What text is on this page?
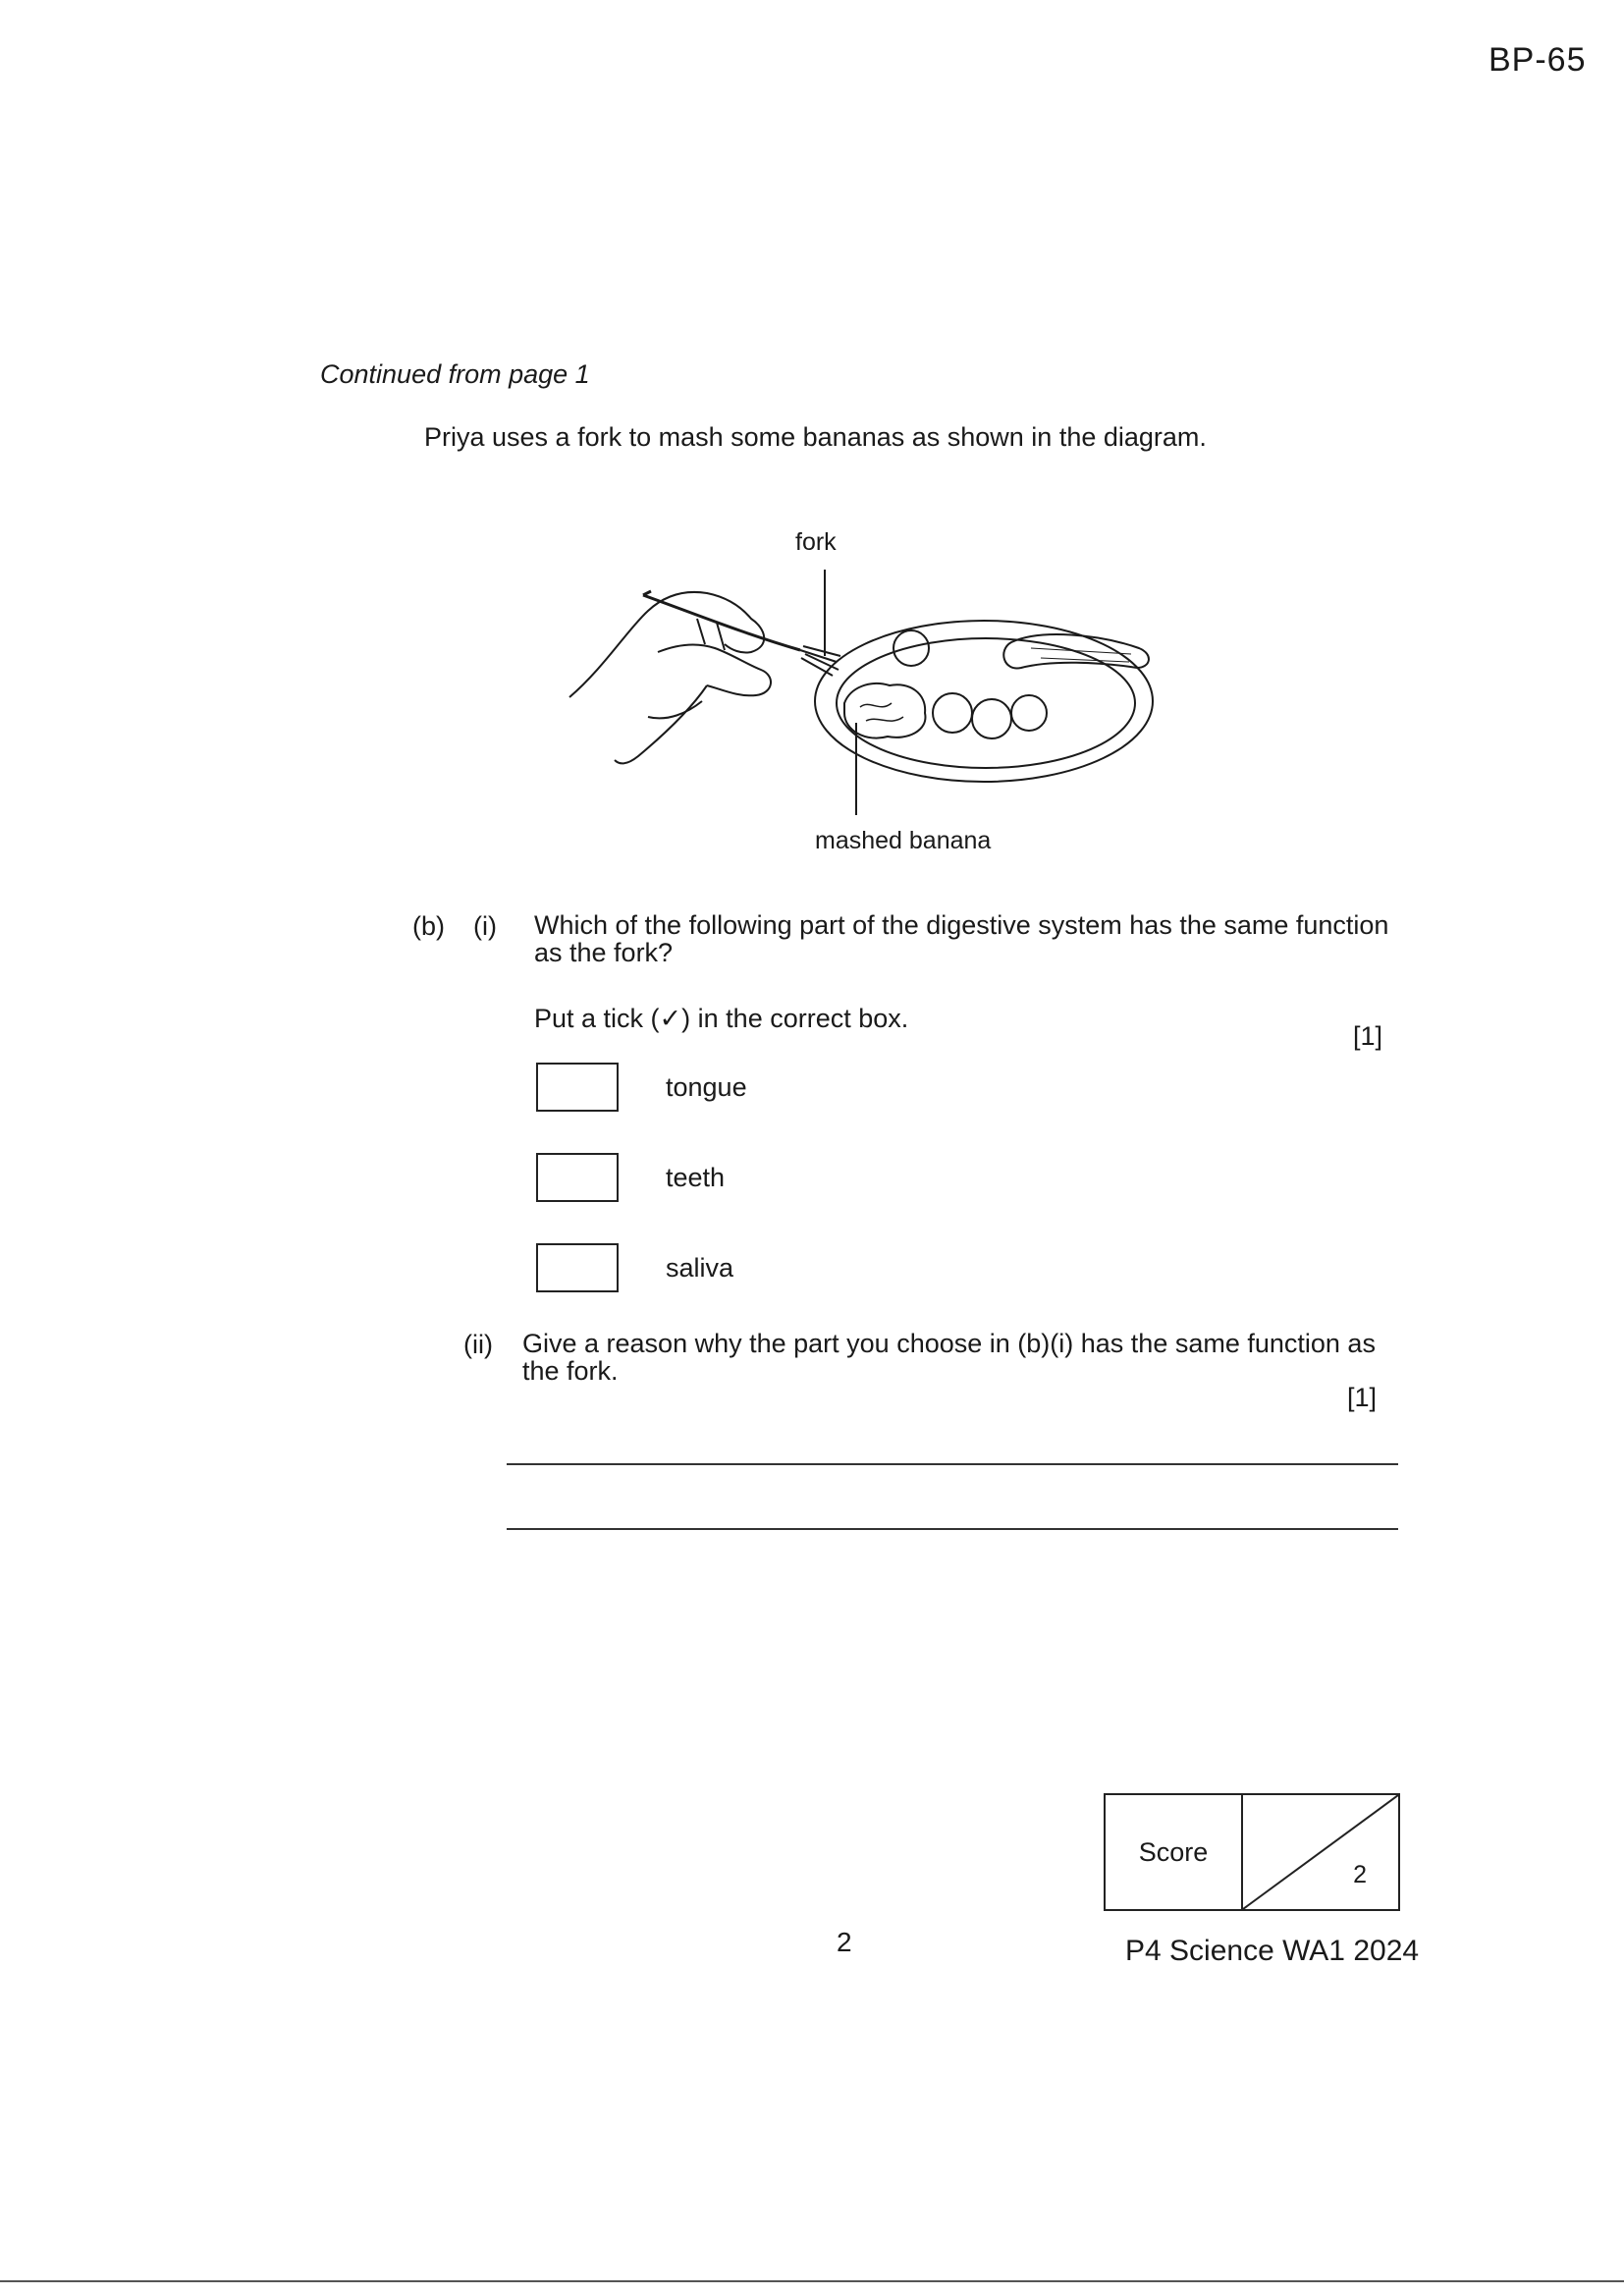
BP-65
Continued from page 1
Priya uses a fork to mash some bananas as shown in the diagram.
fork
mashed banana
(b) (i) Which of the following part of the digestive system has the same function as the fork?
Put a tick (✓) in the correct box.
[1]
tongue
teeth
saliva
(ii) Give a reason why the part you choose in (b)(i) has the same function as the fork.
[1]
Score
2
2	P4 Science WA1 2024
